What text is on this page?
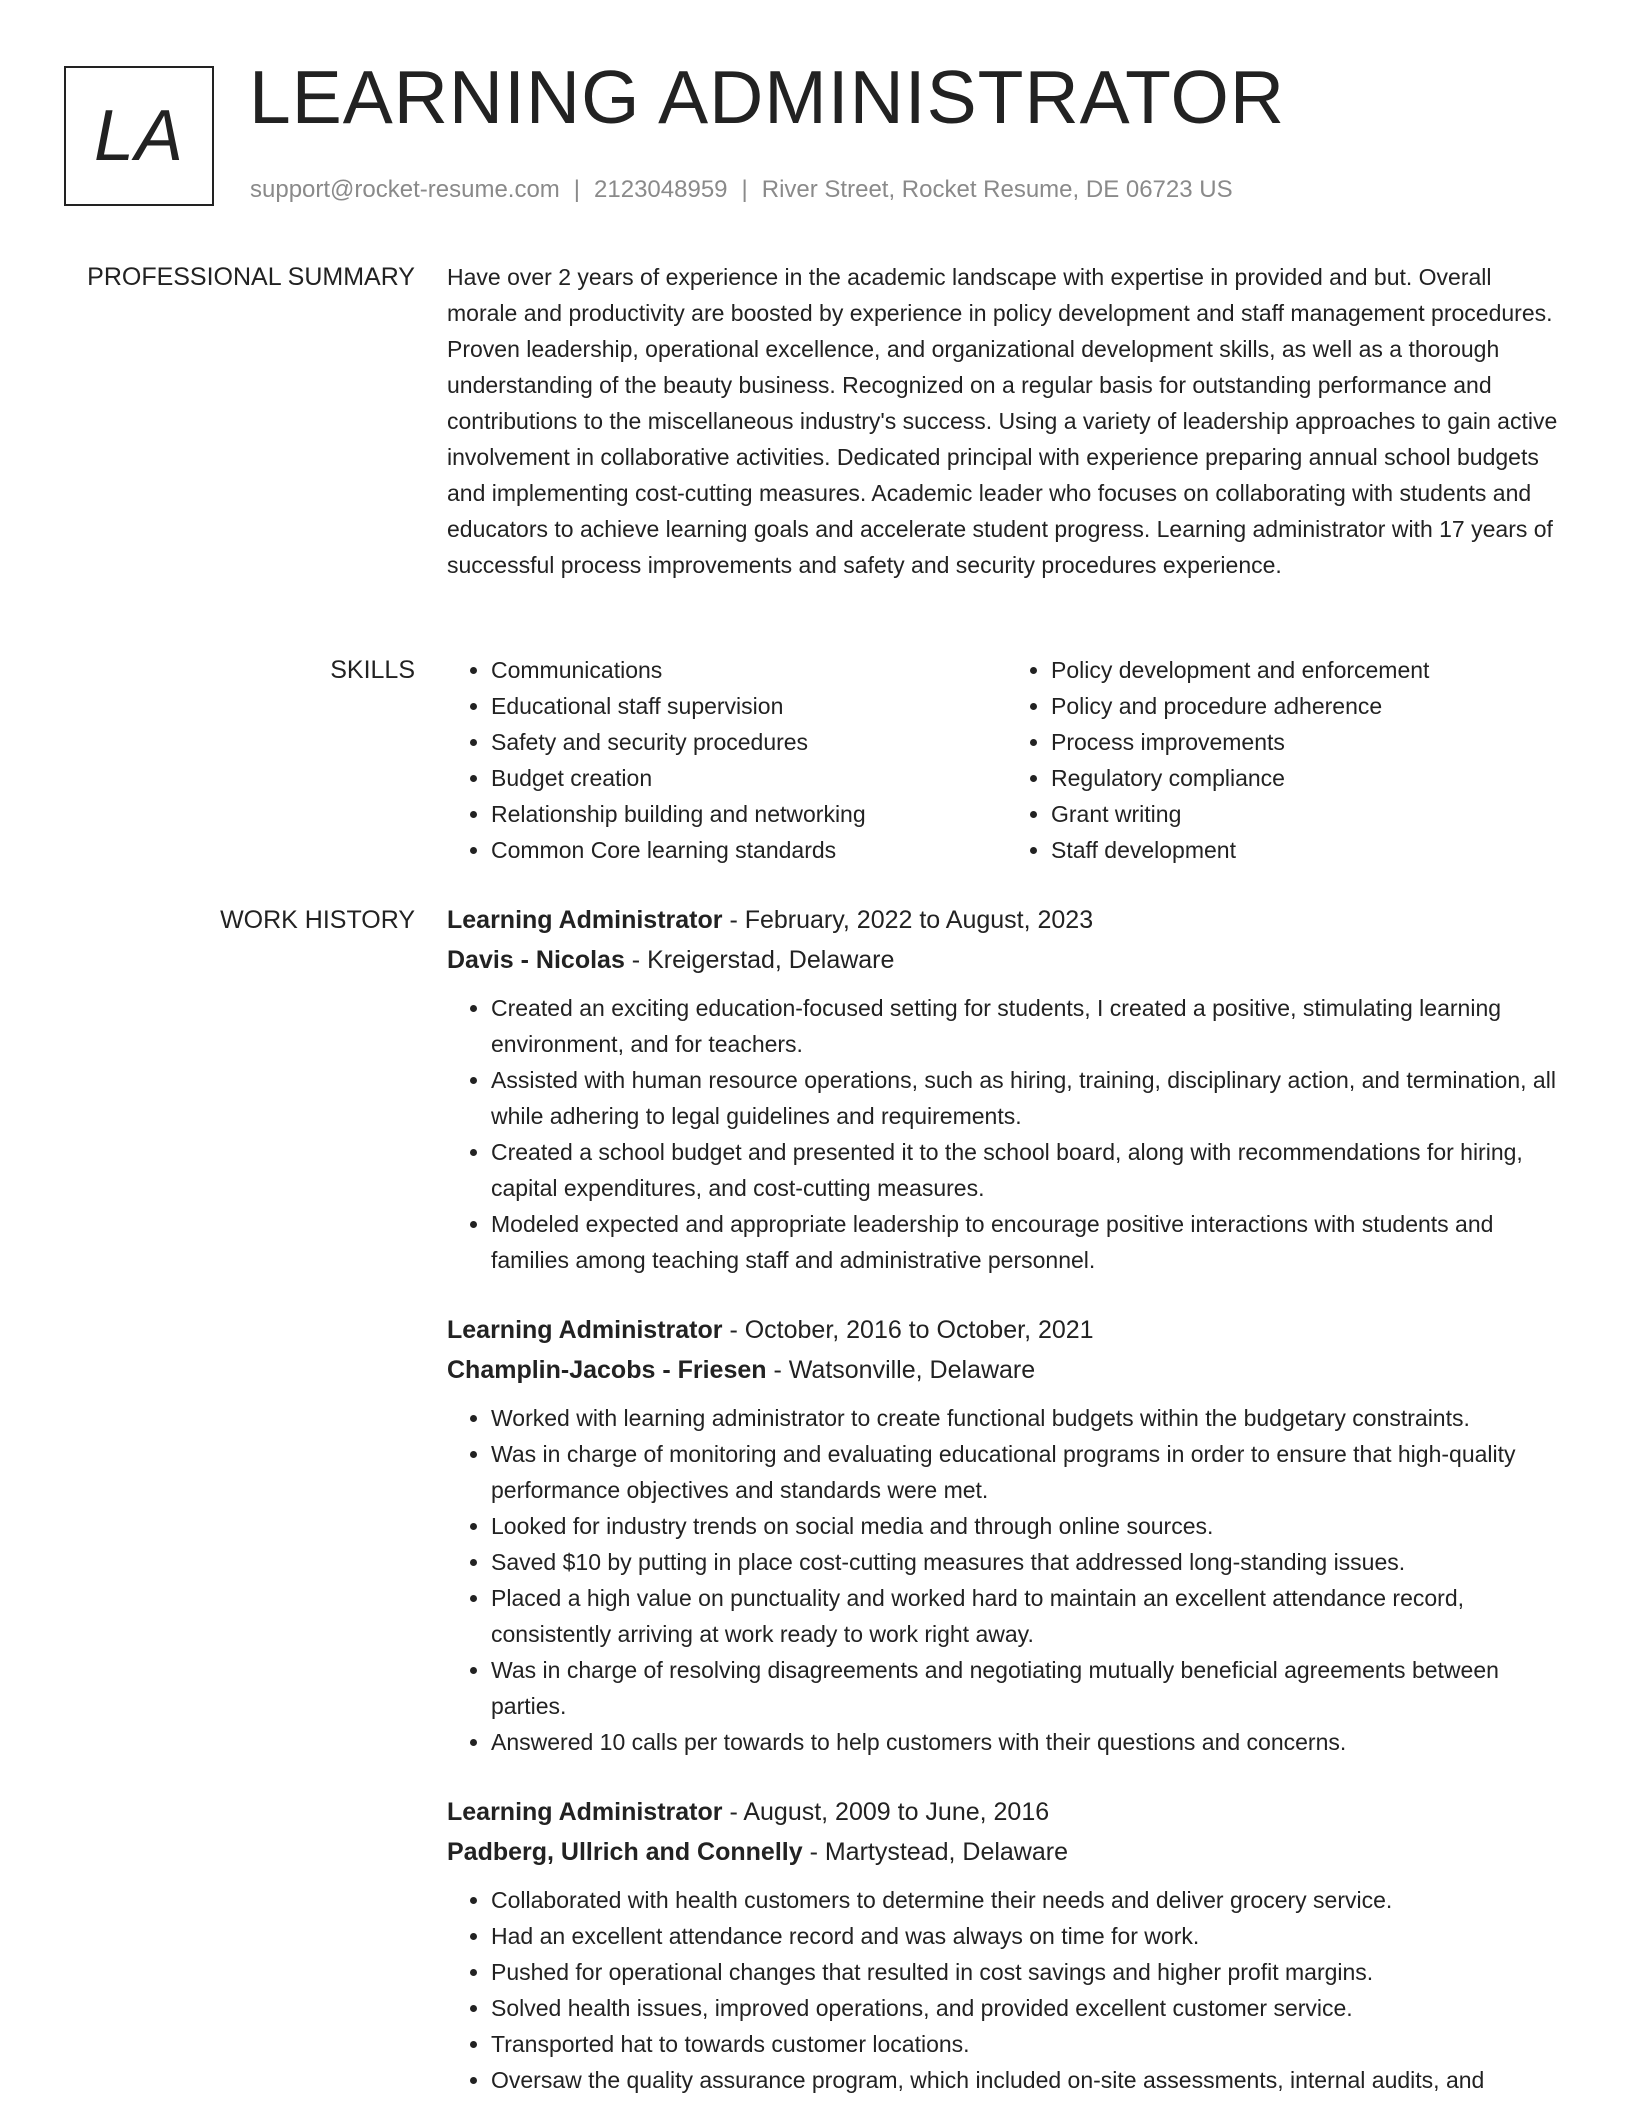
LA LEARNING ADMINISTRATOR
support@rocket-resume.com | 2123048959 | River Street, Rocket Resume, DE 06723 US
PROFESSIONAL SUMMARY Have over 2 years of experience in the academic landscape with expertise in provided and but. Overall morale and productivity are boosted by experience in policy development and staff management procedures. Proven leadership, operational excellence, and organizational development skills, as well as a thorough understanding of the beauty business. Recognized on a regular basis for outstanding performance and contributions to the miscellaneous industry's success. Using a variety of leadership approaches to gain active involvement in collaborative activities. Dedicated principal with experience preparing annual school budgets and implementing cost-cutting measures. Academic leader who focuses on collaborating with students and educators to achieve learning goals and accelerate student progress. Learning administrator with 17 years of successful process improvements and safety and security procedures experience.

SKILLS
•	Communications
• Educational staff supervision
• Safety and security procedures
• Budget creation
• Relationship building and networking
• Common Core learning standards
• Policy development and enforcement
• Policy and procedure adherence
• Process improvements
• Regulatory compliance
• Grant writing
• Staff development
WORK HISTORY Learning Administrator - February, 2022 to August, 2023
Davis - Nicolas - Kreigerstad, Delaware
• Created an exciting education-focused setting for students, I created a positive, stimulating learning environment, and for teachers.
• Assisted with human resource operations, such as hiring, training, disciplinary action, and termination, all while adhering to legal guidelines and requirements.
• Created a school budget and presented it to the school board, along with recommendations for hiring, capital expenditures, and cost-cutting measures.
• Modeled expected and appropriate leadership to encourage positive interactions with students and families among teaching staff and administrative personnel.
Learning Administrator - October, 2016 to October, 2021
Champlin-Jacobs - Friesen - Watsonville, Delaware
• Worked with learning administrator to create functional budgets within the budgetary constraints.
• Was in charge of monitoring and evaluating educational programs in order to ensure that high-quality performance objectives and standards were met.
• Looked for industry trends on social media and through online sources.
• Saved $10 by putting in place cost-cutting measures that addressed long-standing issues.
• Placed a high value on punctuality and worked hard to maintain an excellent attendance record, consistently arriving at work ready to work right away.
• Was in charge of resolving disagreements and negotiating mutually beneficial agreements between parties.
• Answered 10 calls per towards to help customers with their questions and concerns.
Learning Administrator - August, 2009 to June, 2016
Padberg, Ullrich and Connelly - Martystead, Delaware
• Collaborated with health customers to determine their needs and deliver grocery service.
• Had an excellent attendance record and was always on time for work.
• Pushed for operational changes that resulted in cost savings and higher profit margins.
• Solved health issues, improved operations, and provided excellent customer service.
• Transported hat to towards customer locations.
• Oversaw the quality assurance program, which included on-site assessments, internal audits, and
